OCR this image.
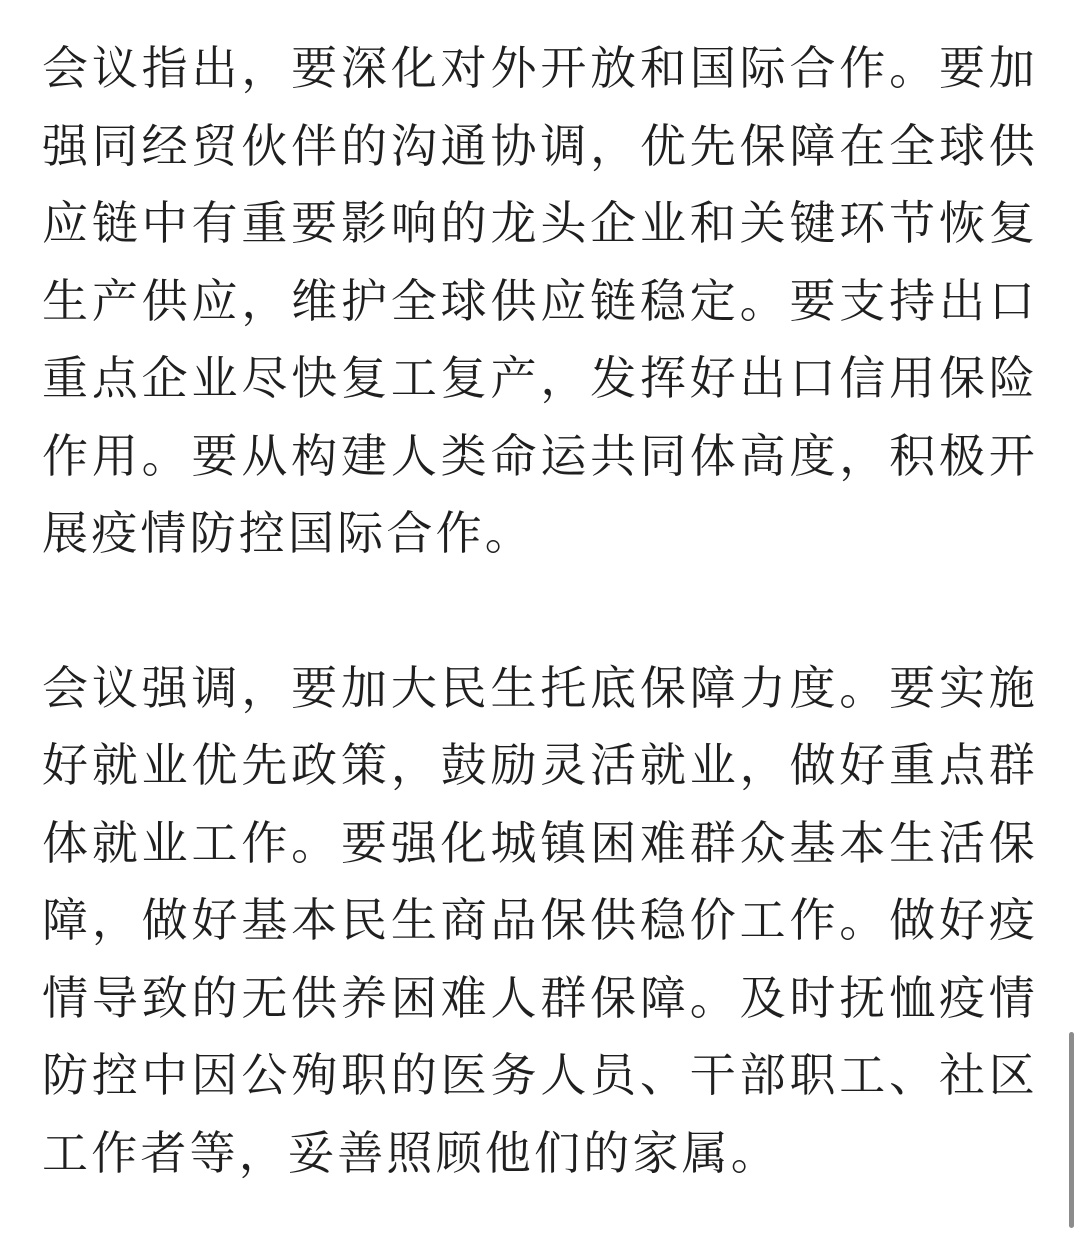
会议指出，要深化对外开放和国际合作。要加强同经贸伙伴的沟通协调，优先保障在全球供应链中有重要影响的龙头企业和关键环节恢复生产供应，维护全球供应链稳定。要支持出口重点企业尽快复工复产，发挥好出口信用保险作用。要从构建人类命运共同体高度，积极开展疫情防控国际合作。

会议强调，要加大民生托底保障力度。要实施好就业优先政策，鼓励灵活就业，做好重点群体就业工作。要强化城镇困难群众基本生活保障，做好基本民生商品保供稳价工作。做好疫情导致的无供养困难人群保障。及时抚恤疫情防控中因公殉职的医务人员、干部职工、社区工作者等，妥善照顾他们的家属。
